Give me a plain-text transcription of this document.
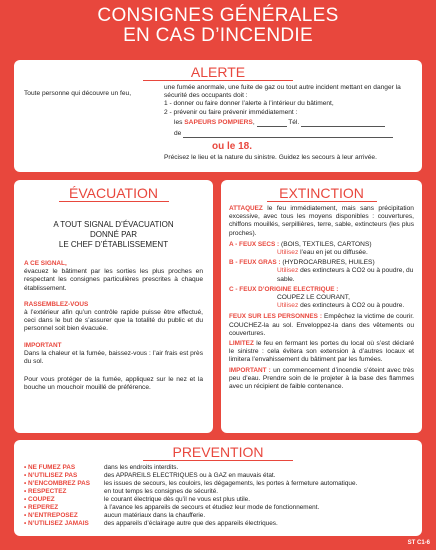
CONSIGNES GÉNÉRALES
EN CAS D’INCENDIE
ALERTE
Toute personne qui découvre un feu,
une fumée anormale, une fuite de gaz ou tout autre incident mettant en danger la sécurité des occupants doit :
1 - donner ou faire donner l’alerte à l’intérieur du bâtiment,
2 - prévenir ou faire prévenir immédiatement :
les SAPEURS POMPIERS,	Tél.
de
ou le 18.
Précisez le lieu et la nature du sinistre. Guidez les secours à leur arrivée.
ÉVACUATION
A TOUT SIGNAL D’ÉVACUATION
DONNÉ PAR
LE CHEF D’ÉTABLISSEMENT
A CE SIGNAL,
évacuez le bâtiment par les sorties les plus proches en respectant les consignes particulières prescrites à chaque établissement.
RASSEMBLEZ-VOUS
à l’extérieur afin qu’un contrôle rapide puisse être effectué, ceci dans le but de s’assurer que la totalité du public et du personnel soit bien évacuée.
IMPORTANT
Dans la chaleur et la fumée, baissez-vous : l’air frais est près du sol.
Pour vous protéger de la fumée, appliquez sur le nez et la bouche un mouchoir mouillé de préférence.
EXTINCTION
ATTAQUEZ le feu immédiatement, mais sans précipitation excessive, avec tous les moyens disponibles : couvertures, chiffons mouillés, serpillières, terre, sable, extincteurs (les plus proches).
A - FEUX SECS : (BOIS, TEXTILES, CARTONS)
Utilisez l’eau en jet ou diffusée.
B - FEUX GRAS : (HYDROCARBURES, HUILES)
Utilisez des extincteurs à CO2 ou à poudre, du sable.
C - FEUX D’ORIGINE ELECTRIQUE :
COUPEZ LE COURANT,
Utilisez des extincteurs à CO2 ou à poudre.
FEUX SUR LES PERSONNES : Empêchez la victime de courir. COUCHEZ-la au sol. Enveloppez-la dans des vêtements ou couvertures.
LIMITEZ le feu en fermant les portes du local où s’est déclaré le sinistre : cela évitera son extension à d’autres locaux et limitera l’envahissement du bâtiment par les fumées.
IMPORTANT : un commencement d’incendie s’éteint avec très peu d’eau. Prendre soin de le projeter à la base des flammes avec un récipient de faible contenance.
PREVENTION
• NE FUMEZ PAS	dans les endroits interdits.
• N’UTILISEZ PAS	des APPAREILS ELECTRIQUES ou à GAZ en mauvais état.
• N’ENCOMBREZ PAS	les issues de secours, les couloirs, les dégagements, les portes à fermeture automatique.
• RESPECTEZ	en tout temps les consignes de sécurité.
• COUPEZ	le courant électrique dès qu’il ne vous est plus utile.
• REPEREZ	à l’avance les appareils de secours et étudiez leur mode de fonctionnement.
• N’ENTREPOSEZ	aucun matériaux dans la chaufferie.
• N’UTILISEZ JAMAIS	des appareils d’éclairage autre que des appareils électriques.
ST C1-6
